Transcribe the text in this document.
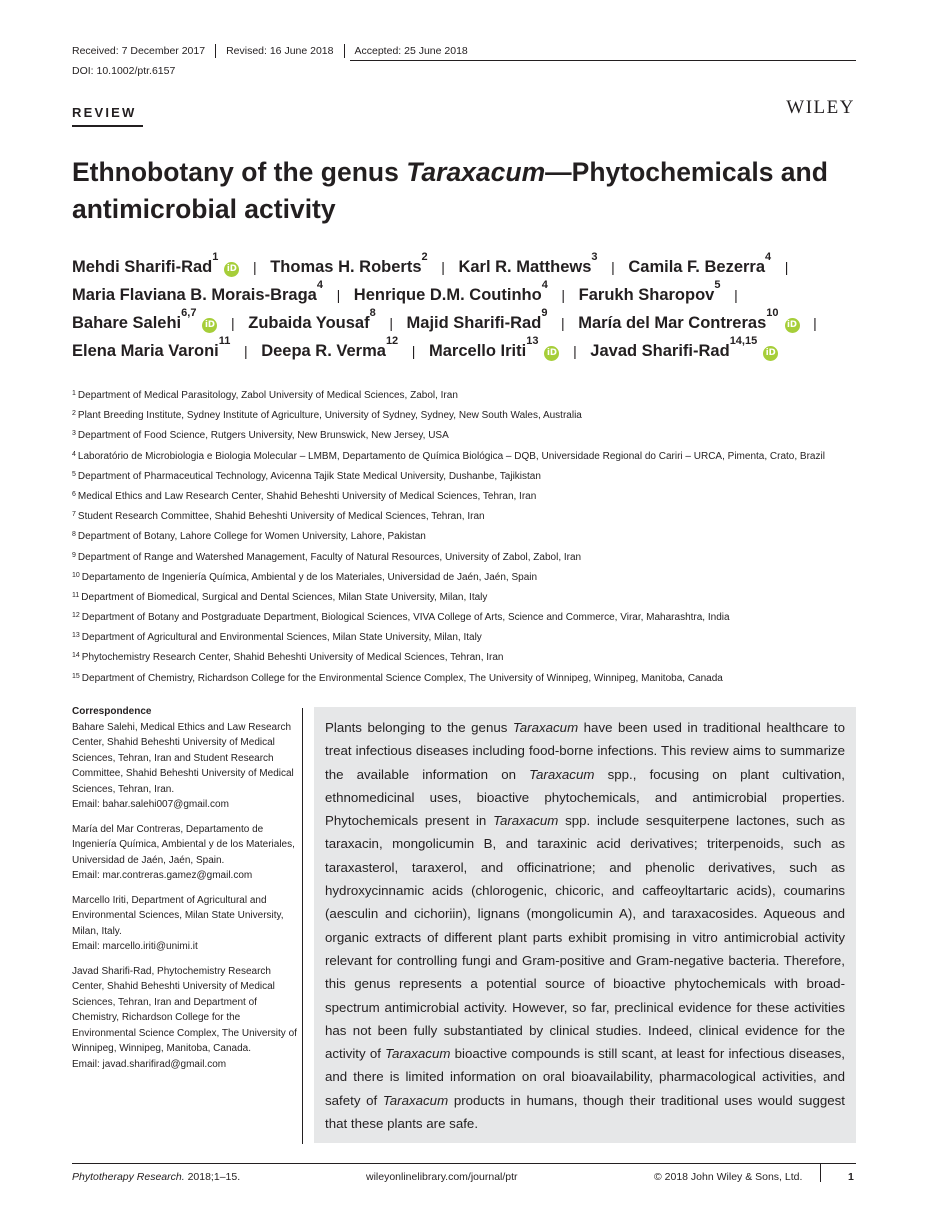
Received: 7 December 2017	Revised: 16 June 2018	Accepted: 25 June 2018
DOI: 10.1002/ptr.6157
REVIEW	WILEY
Ethnobotany of the genus Taraxacum—Phytochemicals and antimicrobial activity
Mehdi Sharifi-Rad$^1$iD | Thomas H. Roberts$^2$ | Karl R. Matthews$^3$ | Camila F. Bezerra$^4$ | Maria Flaviana B. Morais-Braga$^4$ | Henrique D.M. Coutinho$^4$ | Farukh Sharopov$^5$ | Bahare Salehi$^{6,7}$iD | Zubaida Yousaf$^8$ | Majid Sharifi-Rad$^9$ | María del Mar Contreras$^{10}$iD | Elena Maria Varoni$^{11}$ | Deepa R. Verma$^{12}$ | Marcello Iriti$^{13}$iD | Javad Sharifi-Rad$^{14,15}$iD
$^1$ Department of Medical Parasitology, Zabol University of Medical Sciences, Zabol, Iran
$^2$ Plant Breeding Institute, Sydney Institute of Agriculture, University of Sydney, Sydney, New South Wales, Australia
$^3$ Department of Food Science, Rutgers University, New Brunswick, New Jersey, USA
$^4$ Laboratório de Microbiologia e Biologia Molecular – LMBM, Departamento de Química Biológica – DQB, Universidade Regional do Cariri – URCA, Pimenta, Crato, Brazil
$^5$ Department of Pharmaceutical Technology, Avicenna Tajik State Medical University, Dushanbe, Tajikistan
$^6$ Medical Ethics and Law Research Center, Shahid Beheshti University of Medical Sciences, Tehran, Iran
$^7$ Student Research Committee, Shahid Beheshti University of Medical Sciences, Tehran, Iran
$^8$ Department of Botany, Lahore College for Women University, Lahore, Pakistan
$^9$ Department of Range and Watershed Management, Faculty of Natural Resources, University of Zabol, Zabol, Iran
$^{10}$ Departamento de Ingeniería Química, Ambiental y de los Materiales, Universidad de Jaén, Jaén, Spain
$^{11}$ Department of Biomedical, Surgical and Dental Sciences, Milan State University, Milan, Italy
$^{12}$ Department of Botany and Postgraduate Department, Biological Sciences, VIVA College of Arts, Science and Commerce, Virar, Maharashtra, India
$^{13}$ Department of Agricultural and Environmental Sciences, Milan State University, Milan, Italy
$^{14}$ Phytochemistry Research Center, Shahid Beheshti University of Medical Sciences, Tehran, Iran
$^{15}$ Department of Chemistry, Richardson College for the Environmental Science Complex, The University of Winnipeg, Winnipeg, Manitoba, Canada
Correspondence
Bahare Salehi, Medical Ethics and Law Research Center, Shahid Beheshti University of Medical Sciences, Tehran, Iran and Student Research Committee, Shahid Beheshti University of Medical Sciences, Tehran, Iran.
Email: bahar.salehi007@gmail.com
María del Mar Contreras, Departamento de Ingeniería Química, Ambiental y de los Materiales, Universidad de Jaén, Jaén, Spain.
Email: mar.contreras.gamez@gmail.com
Marcello Iriti, Department of Agricultural and Environmental Sciences, Milan State University, Milan, Italy.
Email: marcello.iriti@unimi.it
Javad Sharifi-Rad, Phytochemistry Research Center, Shahid Beheshti University of Medical Sciences, Tehran, Iran and Department of Chemistry, Richardson College for the Environmental Science Complex, The University of Winnipeg, Winnipeg, Manitoba, Canada.
Email: javad.sharifirad@gmail.com
Plants belonging to the genus Taraxacum have been used in traditional healthcare to treat infectious diseases including food-borne infections. This review aims to summarize the available information on Taraxacum spp., focusing on plant cultivation, ethnomedicinal uses, bioactive phytochemicals, and antimicrobial properties. Phytochemicals present in Taraxacum spp. include sesquiterpene lactones, such as taraxacin, mongolicumin B, and taraxinic acid derivatives; triterpenoids, such as taraxasterol, taraxerol, and officinatrione; and phenolic derivatives, such as hydroxycinnamic acids (chlorogenic, chicoric, and caffeoyltartaric acids), coumarins (aesculin and cichoriin), lignans (mongolicumin A), and taraxacosides. Aqueous and organic extracts of different plant parts exhibit promising in vitro antimicrobial activity relevant for controlling fungi and Gram-positive and Gram-negative bacteria. Therefore, this genus represents a potential source of bioactive phytochemicals with broad-spectrum antimicrobial activity. However, so far, preclinical evidence for these activities has not been fully substantiated by clinical studies. Indeed, clinical evidence for the activity of Taraxacum bioactive compounds is still scant, at least for infectious diseases, and there is limited information on oral bioavailability, pharmacological activities, and safety of Taraxacum products in humans, though their traditional uses would suggest that these plants are safe.
Phytotherapy Research. 2018;1–15.	wileyonlinelibrary.com/journal/ptr	© 2018 John Wiley & Sons, Ltd.	1
